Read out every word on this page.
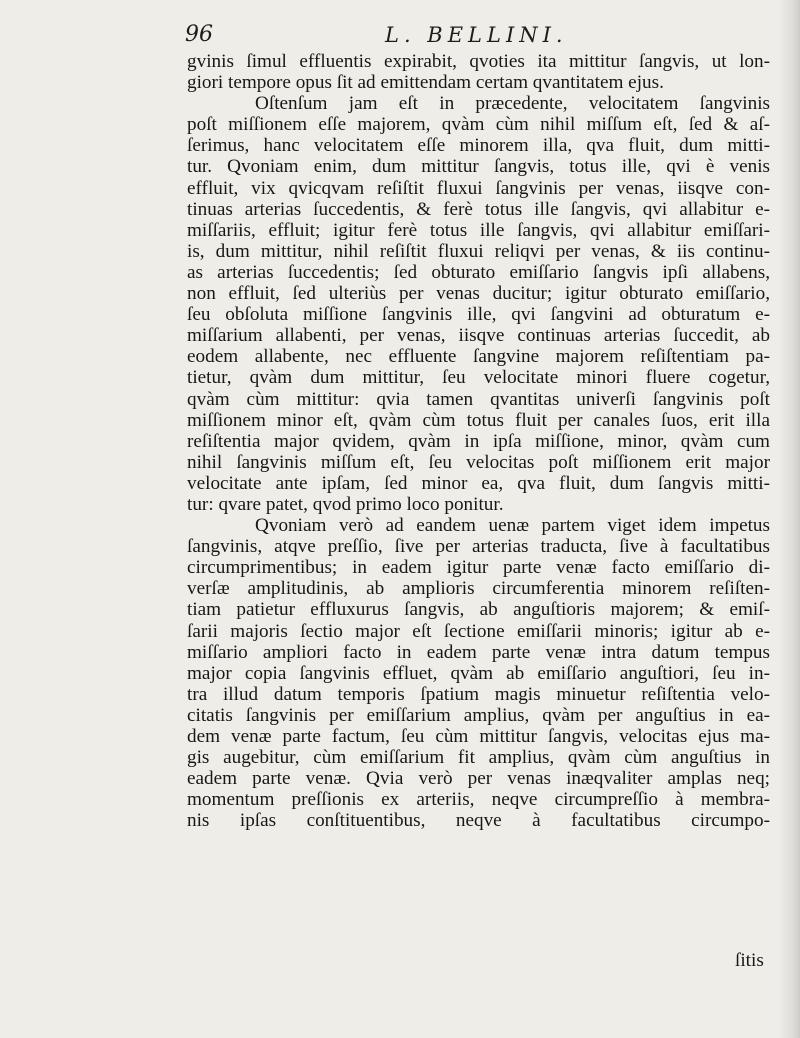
96	L. BELLINI.
gvinis ſimul effluentis expirabit, qvoties ita mittitur ſangvis, ut lon-
giori tempore opus ſit ad emittendam certam qvantitatem ejus.
Oſtenſum jam eſt in præcedente, velocitatem ſangvinis
poſt miſſionem eſſe majorem, qvàm cùm nihil miſſum eſt, ſed & aſ-
ſerimus, hanc velocitatem eſſe minorem illa, qva fluit, dum mitti-
tur. Qvoniam enim, dum mittitur ſangvis, totus ille, qvi è venis
effluit, vix qvicqvam reſiſtit fluxui ſangvinis per venas, iisqve con-
tinuas arterias ſuccedentis, & ferè totus ille ſangvis, qvi allabitur e-
miſſariis, effluit; igitur ferè totus ille ſangvis, qvi allabitur emiſſari-
is, dum mittitur, nihil reſiſtit fluxui reliqvi per venas, & iis continu-
as arterias ſuccedentis; ſed obturato emiſſario ſangvis ipſi allabens,
non effluit, ſed ulteriùs per venas ducitur; igitur obturato emiſſario,
ſeu obſoluta miſſione ſangvinis ille, qvi ſangvini ad obturatum e-
miſſarium allabenti, per venas, iisqve continuas arterias ſuccedit, ab
eodem allabente, nec effluente ſangvine majorem reſiſtentiam pa-
tietur, qvàm dum mittitur, ſeu velocitate minori fluere cogetur,
qvàm cùm mittitur: qvia tamen qvantitas univerſi ſangvinis poſt
miſſionem minor eſt, qvàm cùm totus fluit per canales ſuos, erit illa
reſiſtentia major qvidem, qvàm in ipſa miſſione, minor, qvàm cum
nihil ſangvinis miſſum eſt, ſeu velocitas poſt miſſionem erit major
velocitate ante ipſam, ſed minor ea, qva fluit, dum ſangvis mitti-
tur: qvare patet, qvod primo loco ponitur.
Qvoniam verò ad eandem uenæ partem viget idem impetus
ſangvinis, atqve preſſio, ſive per arterias traducta, ſive à facultatibus
circumprimentibus; in eadem igitur parte venæ facto emiſſario di-
verſæ amplitudinis, ab amplioris circumferentia minorem reſiſten-
tiam patietur effluxurus ſangvis, ab anguſtioris majorem; & emiſ-
ſarii majoris ſectio major eſt ſectione emiſſarii minoris; igitur ab e-
miſſario ampliori facto in eadem parte venæ intra datum tempus
major copia ſangvinis effluet, qvàm ab emiſſario anguſtiori, ſeu in-
tra illud datum temporis ſpatium magis minuetur reſiſtentia velo-
citatis ſangvinis per emiſſarium amplius, qvàm per anguſtius in ea-
dem venæ parte factum, ſeu cùm mittitur ſangvis, velocitas ejus ma-
gis augebitur, cùm emiſſarium fit amplius, qvàm cùm anguſtius in
eadem parte venæ. Qvia verò per venas inæqvaliter amplas neq;
momentum preſſionis ex arteriis, neqve circumpreſſio à membra-
nis ipſas conſtituentibus, neqve à facultatibus circumpo-
ſitis
